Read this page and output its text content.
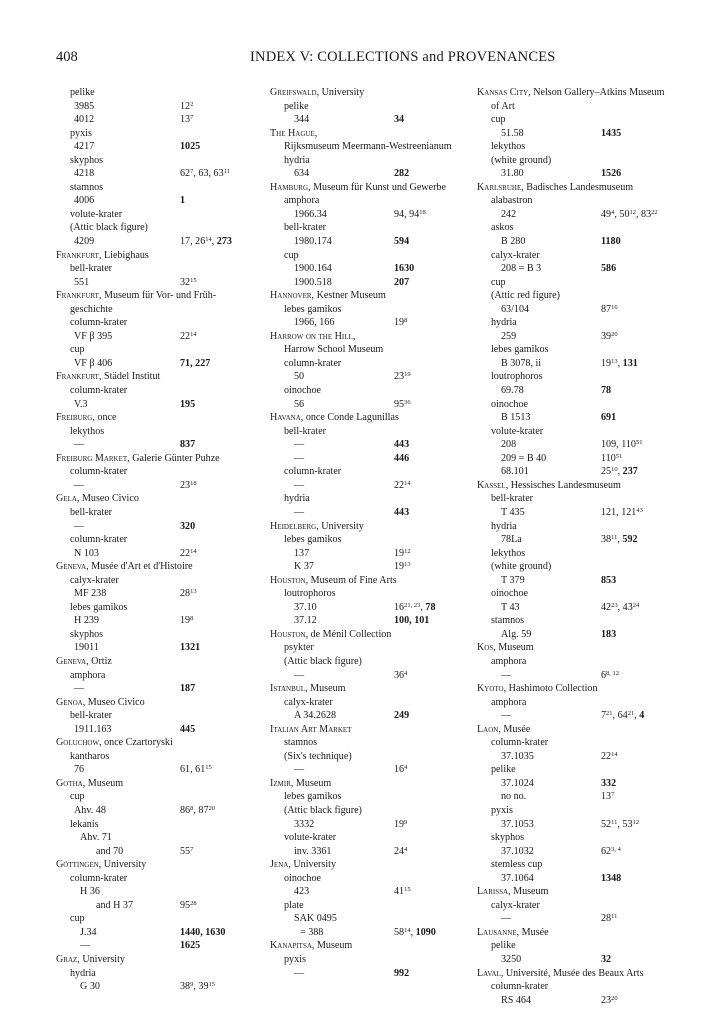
408	INDEX V: COLLECTIONS and PROVENANCES
pelike
3985	$12^2$
4012	$13^7$
pyxis
4217	1025
skyphos
4218	$62^7$, 63, $63^{11}$
stamnos
4006	1
volute-krater
(Attic black figure)
4209	17, $26^{14}$, 273
Frankfurt, Liebighaus
bell-krater
551	$32^{15}$
Frankfurt, Museum für Vor- und Früh-
geschichte
column-krater
VF β 395	$22^{14}$
cup
VF β 406	71, 227
Frankfurt, Städel Institut
column-krater
V.3	195
Freiburg, once
lekythos
—	837
Freiburg Market, Galerie Günter Puhze
column-krater
—	$23^{18}$
Gela, Museo Civico
bell-krater
—	320
column-krater
N 103	$22^{14}$
Geneva, Musée d'Art et d'Histoire
calyx-krater
MF 238	$28^{13}$
lebes gamikos
H 239	$19^8$
skyphos
19011	1321
Geneva, Ortiz
amphora
—	187
Genoa, Museo Civico
bell-krater
1911.163	445
Goluchow, once Czartoryski
kantharos
76	61, $61^{15}$
Gotha, Museum
cup
Ahv. 48	$86^8$, $87^{20}$
lekanis
Ahv. 71
and 70	$55^7$
Göttingen, University
column-krater
H 36
and H 37	$95^{28}$
cup
J.34	1440, 1630
—	1625
Graz, University
hydria
G 30	$38^9$, $39^{15}$
Greifswald, University
pelike
344	34
The Hague,
Rijksmuseum Meermann-Westreenianum
hydria
634	282
Hamburg, Museum für Kunst und Gewerbe
amphora
1966.34	94, $94^{18}$
bell-krater
1980.174	594
cup
1900.164	1630
1900.518	207
Hannover, Kestner Museum
lebes gamikos
1966, 166	$19^8$
Harrow on the Hill,
Harrow School Museum
column-krater
50	$23^{19}$
oinochoe
56	$95^{36}$
Havana, once Conde Lagunillas
bell-krater
—	443
—	446
column-krater
—	$22^{14}$
hydria
—	443
Heidelberg, University
lebes gamikos
137	$19^{12}$
K 37	$19^{13}$
Houston, Museum of Fine Arts
loutrophoros
37.10	16$^{21, 23}$, 78
37.12	100, 101
Houston, de Ménil Collection
psykter
(Attic black figure)
—	$36^4$
Istanbul, Museum
calyx-krater
A 34.2628	249
Italian Art Market
stamnos
(Six's technique)
—	$16^4$
Izmir, Museum
lebes gamikos
(Attic black figure)
3332	$19^9$
volute-krater
inv. 3361	$24^4$
Jena, University
oinochoe
423	$41^{15}$
plate
SAK 0495
= 388	$58^{14}$, 1090
Kanapitsa, Museum
pyxis
—	992
Kansas City, Nelson Gallery–Atkins Museum
of Art
cup
51.58	1435
lekythos
(white ground)
31.80	1526
Karlsruhe, Badisches Landesmuseum
alabastron
242	$49^4$, $50^{12}$, $83^{22}$
askos
B 280	1180
calyx-krater
208 = B 3	586
cup
(Attic red figure)
63/104	$87^{16}$
hydria
259	$39^{20}$
lebes gamikos
B 3078, ii	$19^{13}$, 131
loutrophoros
69.78	78
oinochoe
B 1513	691
volute-krater
208	109, $110^{51}$
209 = B 40	$110^{51}$
68.101	$25^{10}$, 237
Kassel, Hessisches Landesmuseum
bell-krater
T 435	121, $121^{43}$
hydria
78La	$38^{11}$, 592
lekythos
(white ground)
T 379	853
oinochoe
T 43	$42^{23}$, $43^{24}$
stamnos
Alg. 59	183
Kos, Museum
amphora
—	6$^{8, 12}$
Kyoto, Hashimoto Collection
amphora
—	$7^{21}$, $64^{21}$, 4
Laon, Musée
column-krater
37.1035	$22^{14}$
pelike
37.1024	332
no no.	$13^7$
pyxis
37.1053	$52^{11}$, $53^{12}$
skyphos
37.1032	62$^{3, 4}$
stemless cup
37.1064	1348
Larissa, Museum
calyx-krater
—	$28^{11}$
Lausanne, Musée
pelike
3250	32
Laval, Université, Musée des Beaux Arts
column-krater
RS 464	$23^{20}$
